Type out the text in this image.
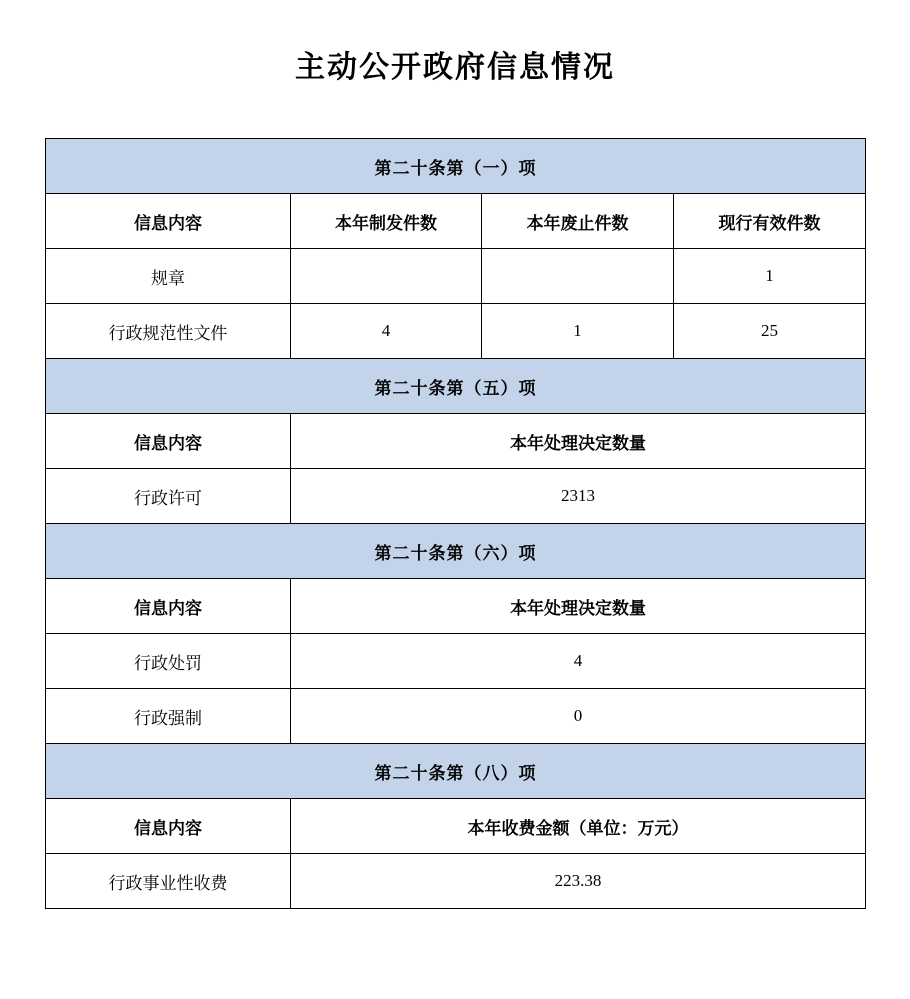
主动公开政府信息情况
第二十条第（一）项			
信息内容	本年制发件数	本年废止件数	现行有效件数
规章			1
行政规范性文件	4	1	25
第二十条第（五）项			
信息内容	本年处理决定数量		
行政许可	2313		
第二十条第（六）项			
信息内容	本年处理决定数量		
行政处罚	4		
行政强制	0		
第二十条第（八）项			
信息内容	本年收费金额（单位：万元）		
行政事业性收费	223.38		
